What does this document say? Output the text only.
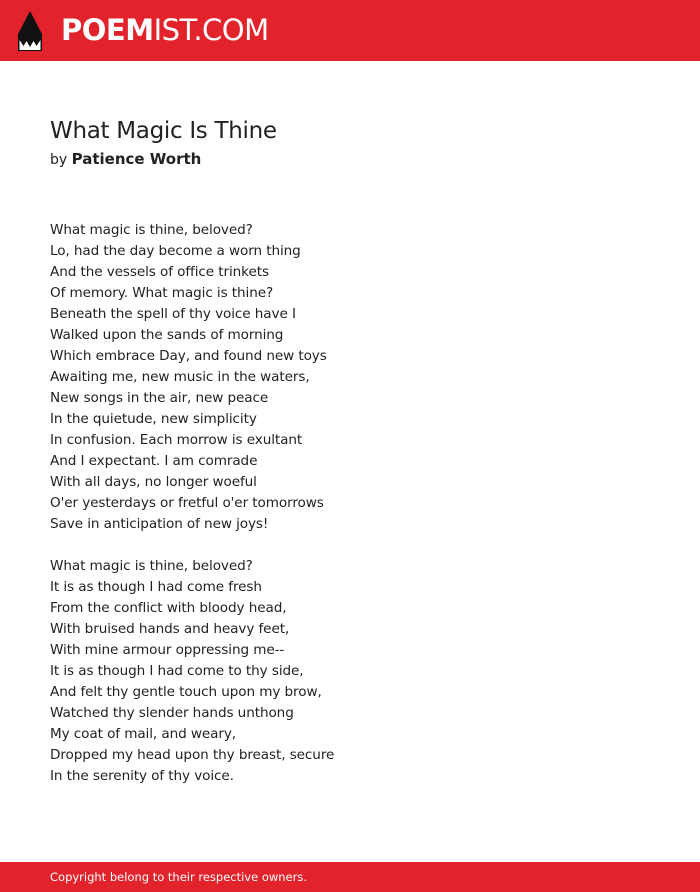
POEMIST.COM
What Magic Is Thine
by Patience Worth
What magic is thine, beloved?
Lo, had the day become a worn thing
And the vessels of office trinkets
Of memory. What magic is thine?
Beneath the spell of thy voice have I
Walked upon the sands of morning
Which embrace Day, and found new toys
Awaiting me, new music in the waters,
New songs in the air, new peace
In the quietude, new simplicity
In confusion. Each morrow is exultant
And I expectant. I am comrade
With all days, no longer woeful
O'er yesterdays or fretful o'er tomorrows
Save in anticipation of new joys!
What magic is thine, beloved?
It is as though I had come fresh
From the conflict with bloody head,
With bruised hands and heavy feet,
With mine armour oppressing me--
It is as though I had come to thy side,
And felt thy gentle touch upon my brow,
Watched thy slender hands unthong
My coat of mail, and weary,
Dropped my head upon thy breast, secure
In the serenity of thy voice.
Copyright belong to their respective owners.
